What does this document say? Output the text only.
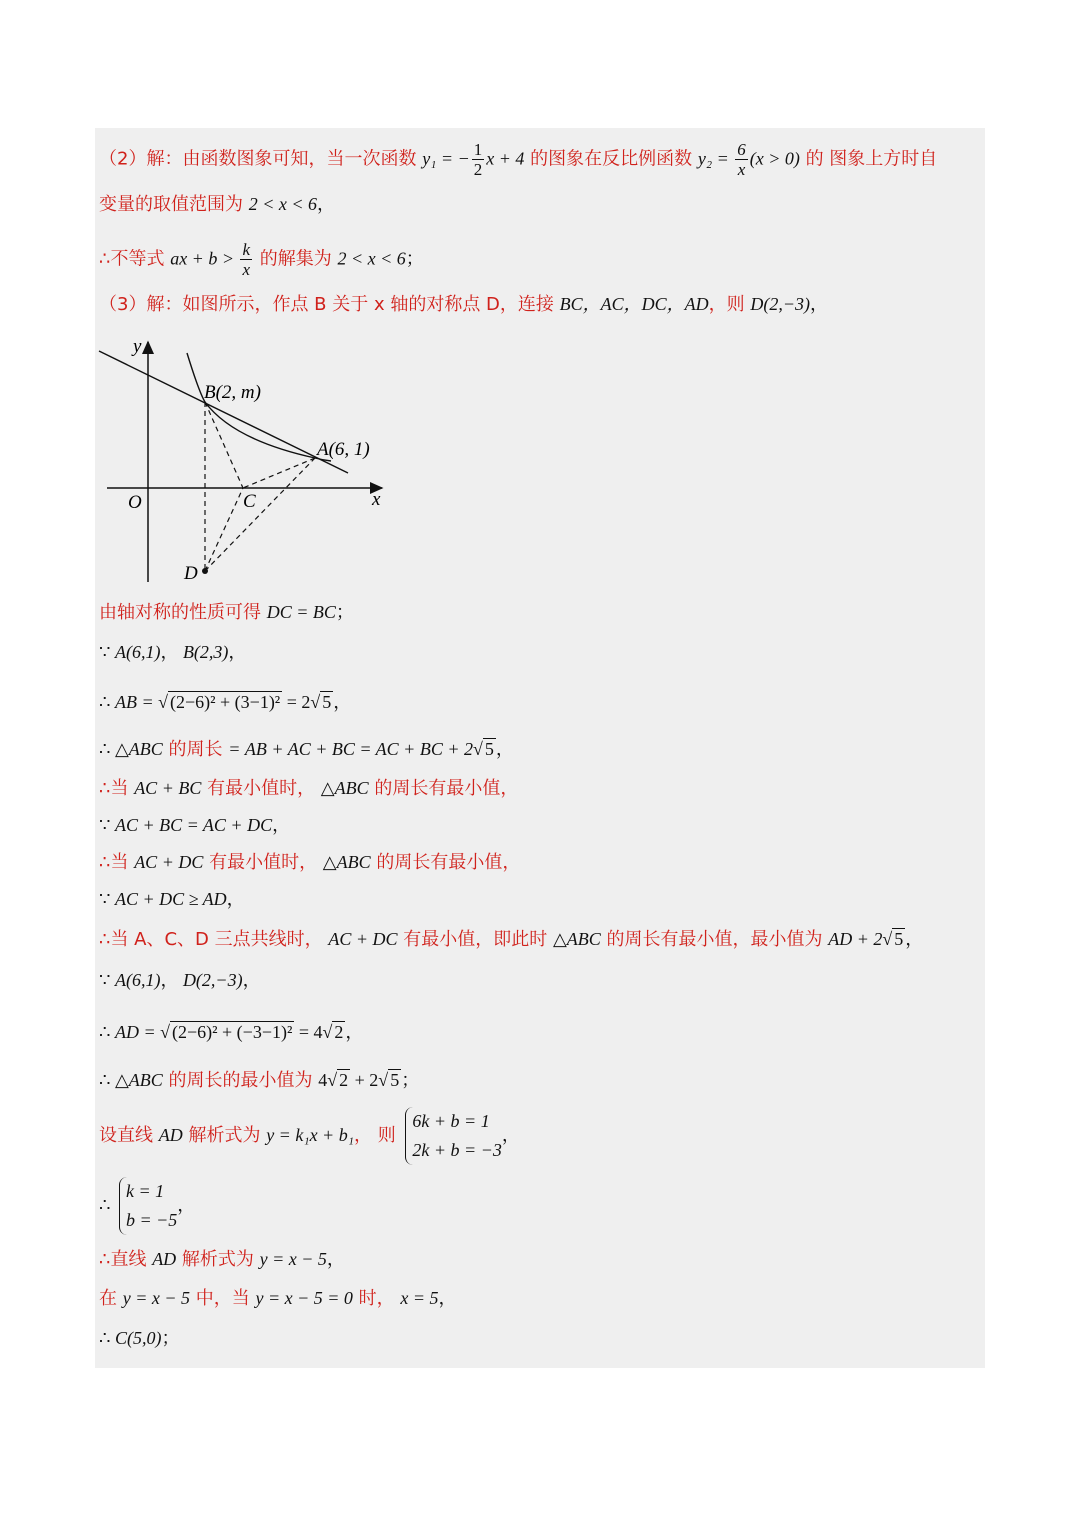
（2）解：由函数图象可知，当一次函数 y₁ = − $\frac{1}{2}$ x + 4 的图象在反比例函数 $y_2 = \frac{6}{x} (x > 0)$ 的 图象上方时自
变量的取值范围为 2 < x < 6，
∴不等式 ax + $b > \frac{k}{x}$ 的解集为 2 < x < 6；
（3）解：如图所示，作点 B 关于 x 轴的对称点 D，连接 BC，AC，DC，AD，则 D(2,−3)，
y
x
O
B(2, m)
A(6, 1)
C
D
由轴对称的性质可得 DC = BC；
∵ A(6,1)， B(2,3)，
∴ AB = √ (2−6)² + (3−1)² = 2√ 5 ，
∴ △ABC 的周长 = AB + AC + BC = AC + BC + 2√ 5 ，
∴当 AC + BC 有最小值时， △ABC 的周长有最小值，
∵ AC + BC = AC + DC，
∴当 AC + DC 有最小值时， △ABC 的周长有最小值，
∵ AC + DC ≥ AD，
∴当 A、C、D 三点共线时， AC + DC 有最小值，即此时 △ABC 的周长有最小值，最小值为 AD + 2√ 5 ，
∵ A(6,1)， D(2,−3)，
∴ AD = √ (2−6)² + (−3−1)² = 4√ 2 ，
∴ △ABC 的周长的最小值为 4√ 2 + 2√ 5 ；
设直线 AD 解析式为 y = k₁x + b₁， 则
6k + b = 1
2k + b = −3
，
∴
k = 1
b = −5
，
∴直线 AD 解析式为 y = x − 5，
在 y = x − 5 中，当 y = x − 5 = 0 时， x = 5，
∴ C(5,0)；
